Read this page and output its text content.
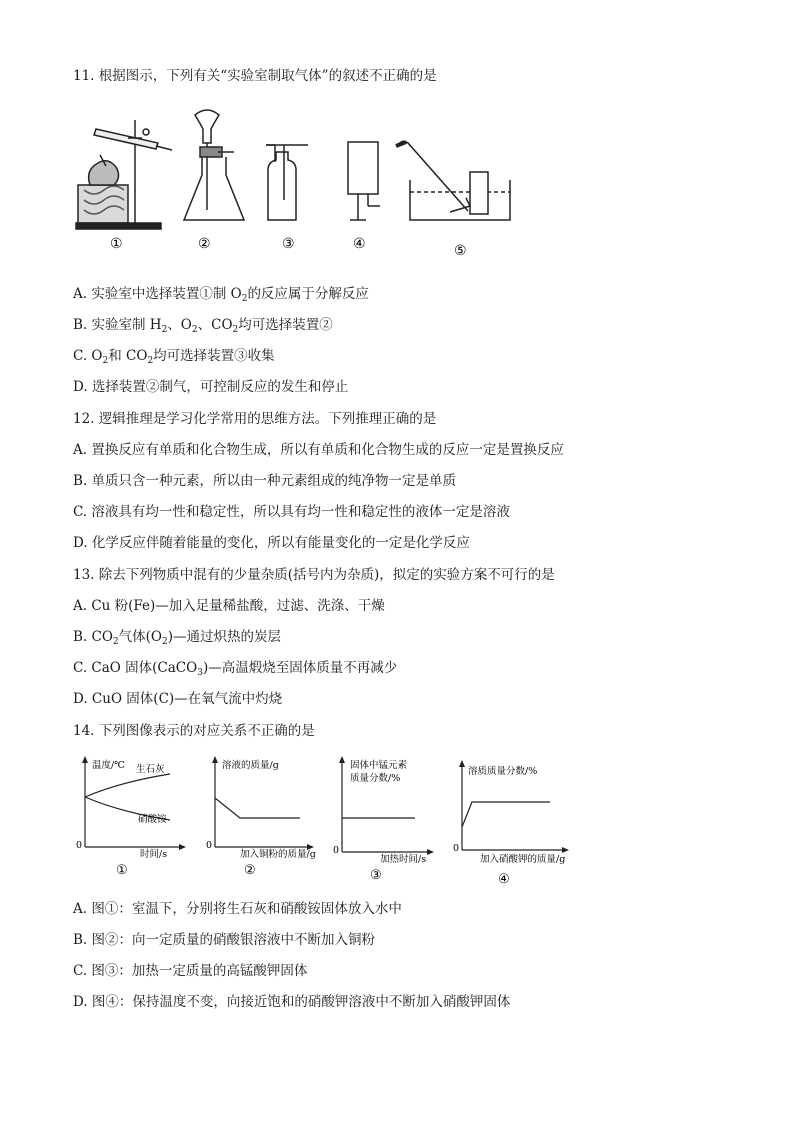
11. 根据图示，下列有关“实验室制取气体”的叙述不正确的是
①	②	③	④	⑤
A. 实验室中选择装置①制 $O_2$的反应属于分解反应
B. 实验室制 $H_2$、$O_2$、$CO_2$均可选择装置②
C. $O_2$和 $CO_2$均可选择装置③收集
D. 选择装置②制气，可控制反应的发生和停止
12. 逻辑推理是学习化学常用的思维方法。下列推理正确的是
A. 置换反应有单质和化合物生成，所以有单质和化合物生成的反应一定是置换反应
B. 单质只含一种元素，所以由一种元素组成的纯净物一定是单质
C. 溶液具有均一性和稳定性，所以具有均一性和稳定性的液体一定是溶液
D. 化学反应伴随着能量的变化，所以有能量变化的一定是化学反应
13. 除去下列物质中混有的少量杂质(括号内为杂质)，拟定的实验方案不可行的是
A. Cu 粉(Fe)—加入足量稀盐酸，过滤、洗涤、干燥
B. $CO_2$气体$(O_2)—$通过炽热的炭层
C. CaO 固体(CaCO$_3$)—高温煅烧至固体质量不再减少
D. CuO 固体(C)—在氧气流中灼烧
14. 下列图像表示的对应关系不正确的是
温度/℃
时间/s
0
生石灰
硝酸铵
①
溶液的质量/g
加入铜粉的质量/g
0
②
固体中锰元素
质量分数/%
加热时间/s
0
③
溶质质量分数/%
加入硝酸钾的质量/g
0
④
A. 图①：室温下，分别将生石灰和硝酸铵固体放入水中
B. 图②：向一定质量的硝酸银溶液中不断加入铜粉
C. 图③：加热一定质量的高锰酸钾固体
D. 图④：保持温度不变，向接近饱和的硝酸钾溶液中不断加入硝酸钾固体
